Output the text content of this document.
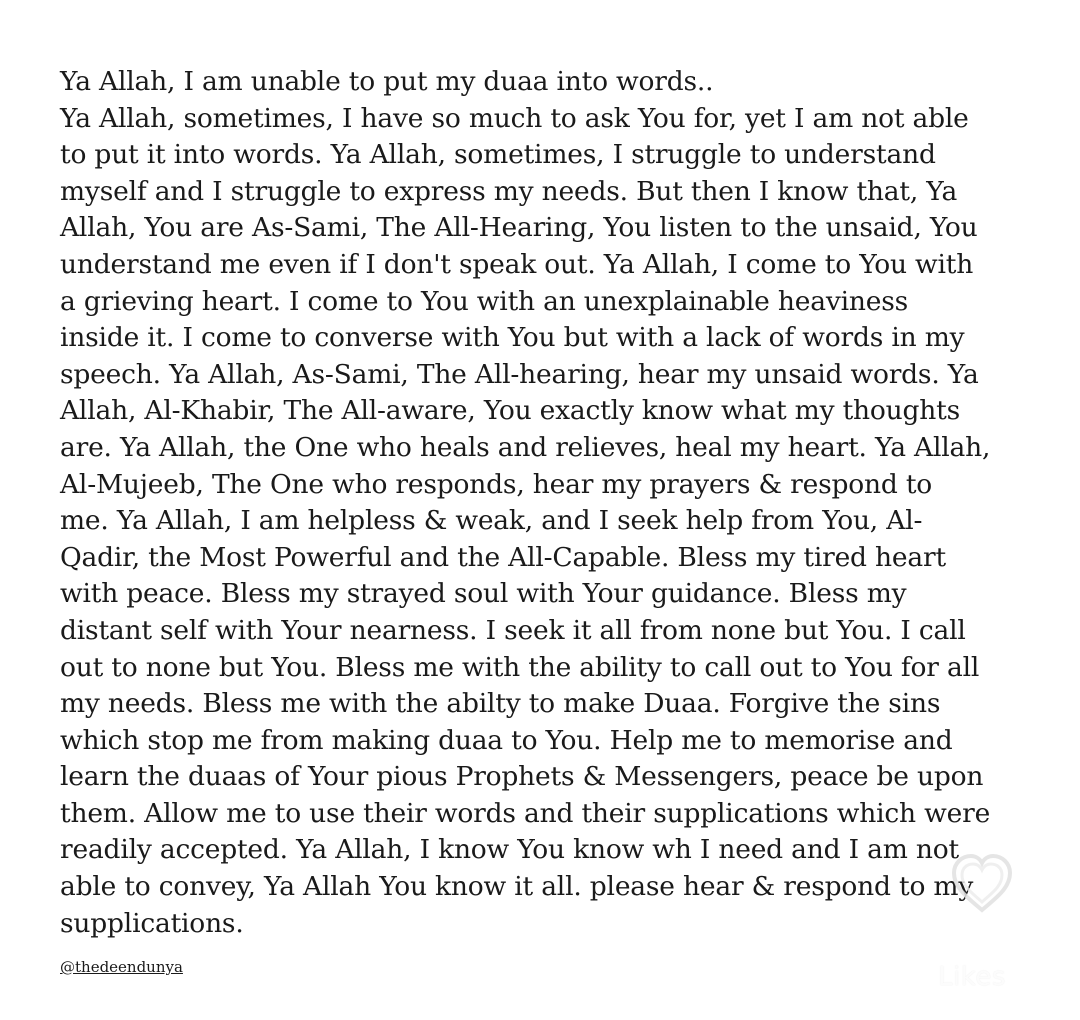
Ya Allah, I am unable to put my duaa into words..
Ya Allah, sometimes, I have so much to ask You for, yet I am not able
to put it into words. Ya Allah, sometimes, I struggle to understand
myself and I struggle to express my needs. But then I know that, Ya
Allah, You are As-Sami, The All-Hearing, You listen to the unsaid, You
understand me even if I don't speak out. Ya Allah, I come to You with
a grieving heart. I come to You with an unexplainable heaviness
inside it. I come to converse with You but with a lack of words in my
speech. Ya Allah, As-Sami, The All-hearing, hear my unsaid words. Ya
Allah, Al-Khabir, The All-aware, You exactly know what my thoughts
are. Ya Allah, the One who heals and relieves, heal my heart. Ya Allah,
Al-Mujeeb, The One who responds, hear my prayers & respond to
me. Ya Allah, I am helpless & weak, and I seek help from You, Al-
Qadir, the Most Powerful and the All-Capable. Bless my tired heart
with peace. Bless my strayed soul with Your guidance. Bless my
distant self with Your nearness. I seek it all from none but You. I call
out to none but You. Bless me with the ability to call out to You for all
my needs. Bless me with the abilty to make Duaa. Forgive the sins
which stop me from making duaa to You. Help me to memorise and
learn the duaas of Your pious Prophets & Messengers, peace be upon
them. Allow me to use their words and their supplications which were
readily accepted. Ya Allah, I know You know wh I need and I am not
able to convey, Ya Allah You know it all. please hear & respond to my
supplications.
@thedeendunya	Likes
